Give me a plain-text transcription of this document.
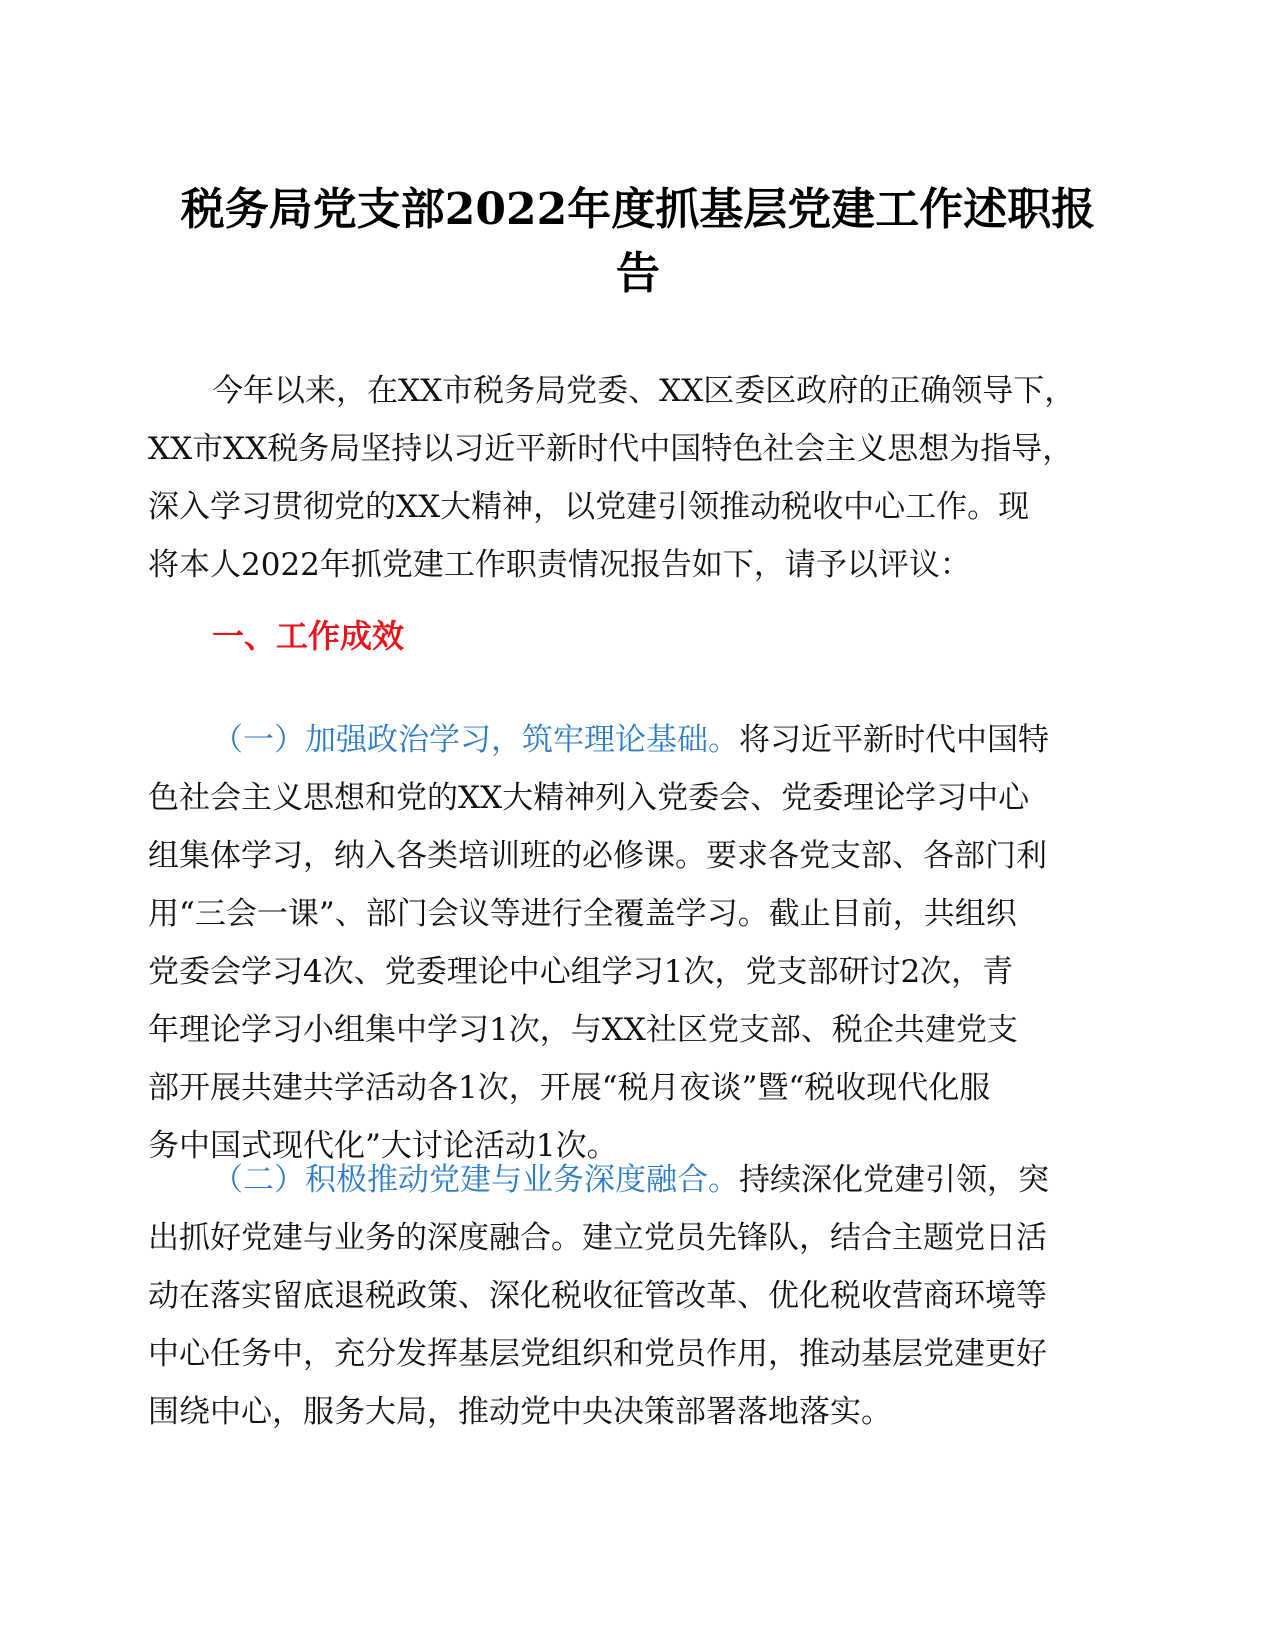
税务局党支部2022年度抓基层党建工作述职报
告
今年以来，在XX市税务局党委、XX区委区政府的正确领导下，
XX市XX税务局坚持以习近平新时代中国特色社会主义思想为指导，
深入学习贯彻党的XX大精神，以党建引领推动税收中心工作。现
将本人2022年抓党建工作职责情况报告如下，请予以评议：
一、工作成效
（一）加强政治学习，筑牢理论基础。将习近平新时代中国特
色社会主义思想和党的XX大精神列入党委会、党委理论学习中心
组集体学习，纳入各类培训班的必修课。要求各党支部、各部门利
用“三会一课”、部门会议等进行全覆盖学习。截止目前，共组织
党委会学习4次、党委理论中心组学习1次，党支部研讨2次，青
年理论学习小组集中学习1次，与XX社区党支部、税企共建党支
部开展共建共学活动各1次，开展“税月夜谈”暨“税收现代化服
务中国式现代化”大讨论活动1次。
（二）积极推动党建与业务深度融合。持续深化党建引领，突
出抓好党建与业务的深度融合。建立党员先锋队，结合主题党日活
动在落实留底退税政策、深化税收征管改革、优化税收营商环境等
中心任务中，充分发挥基层党组织和党员作用，推动基层党建更好
围绕中心，服务大局，推动党中央决策部署落地落实。
